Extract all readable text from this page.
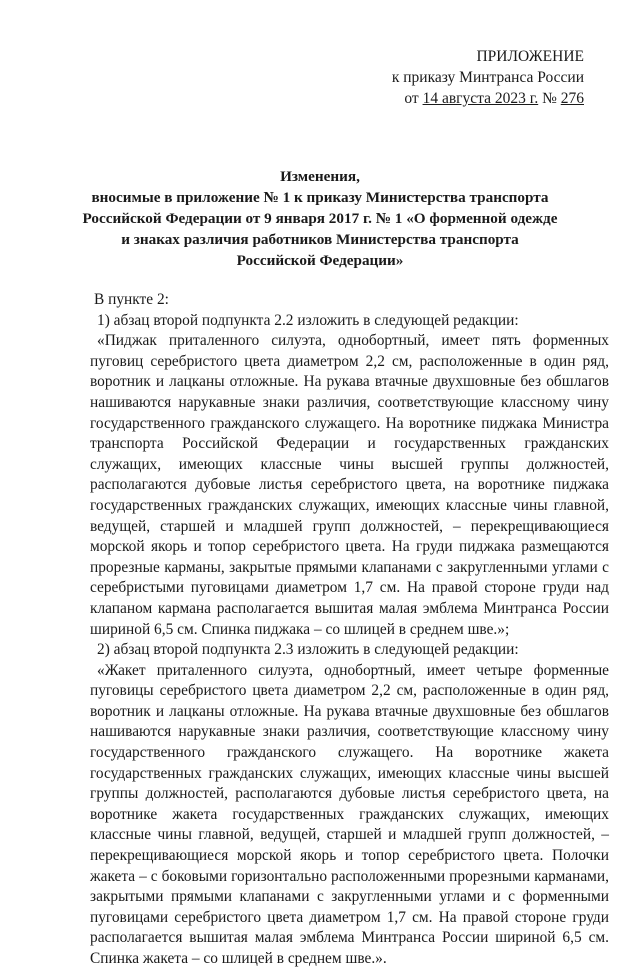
ПРИЛОЖЕНИЕ
к приказу Минтранса России
от 14 августа 2023 г. № 276
Изменения,
вносимые в приложение № 1 к приказу Министерства транспорта
Российской Федерации от 9 января 2017 г. № 1 «О форменной одежде
и знаках различия работников Министерства транспорта
Российской Федерации»
В пункте 2:
1) абзац второй подпункта 2.2 изложить в следующей редакции:

«Пиджак приталенного силуэта, однобортный, имеет пять форменных пуговиц серебристого цвета диаметром 2,2 см, расположенные в один ряд, воротник и лацканы отложные. На рукава втачные двухшовные без обшлагов нашиваются нарукавные знаки различия, соответствующие классному чину государственного гражданского служащего. На воротнике пиджака Министра транспорта Российской Федерации и государственных гражданских служащих, имеющих классные чины высшей группы должностей, располагаются дубовые листья серебристого цвета, на воротнике пиджака государственных гражданских служащих, имеющих классные чины главной, ведущей, старшей и младшей групп должностей, – перекрещивающиеся морской якорь и топор серебристого цвета. На груди пиджака размещаются прорезные карманы, закрытые прямыми клапанами с закругленными углами с серебристыми пуговицами диаметром 1,7 см. На правой стороне груди над клапаном кармана располагается вышитая малая эмблема Минтранса России шириной 6,5 см. Спинка пиджака – со шлицей в среднем шве.»;

2) абзац второй подпункта 2.3 изложить в следующей редакции:

«Жакет приталенного силуэта, однобортный, имеет четыре форменные пуговицы серебристого цвета диаметром 2,2 см, расположенные в один ряд, воротник и лацканы отложные. На рукава втачные двухшовные без обшлагов нашиваются нарукавные знаки различия, соответствующие классному чину государственного гражданского служащего. На воротнике жакета государственных гражданских служащих, имеющих классные чины высшей группы должностей, располагаются дубовые листья серебристого цвета, на воротнике жакета государственных гражданских служащих, имеющих классные чины главной, ведущей, старшей и младшей групп должностей, – перекрещивающиеся морской якорь и топор серебристого цвета. Полочки жакета – с боковыми горизонтально расположенными прорезными карманами, закрытыми прямыми клапанами с закругленными углами и с форменными пуговицами серебристого цвета диаметром 1,7 см. На правой стороне груди располагается вышитая малая эмблема Минтранса России шириной 6,5 см. Спинка жакета – со шлицей в среднем шве.».
